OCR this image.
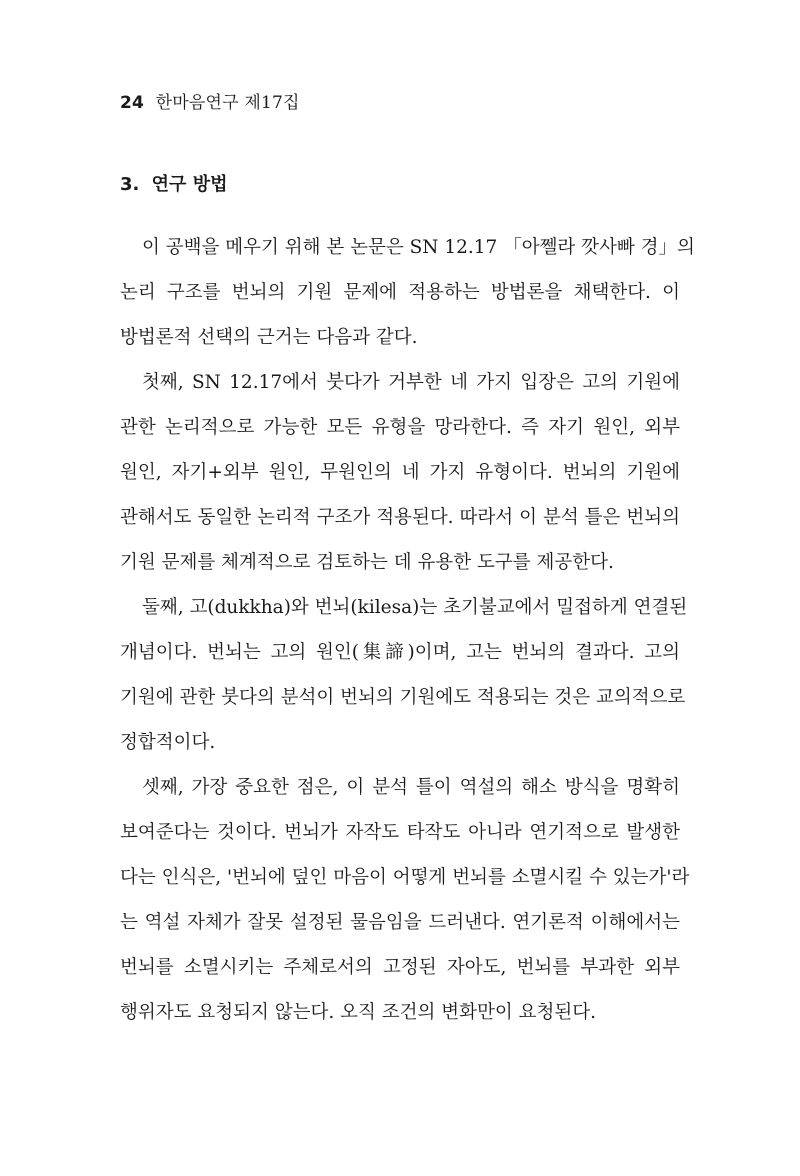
24 한마음연구 제17집
3. 연구 방법
이 공백을 메우기 위해 본 논문은 SN 12.17 「아쩰라 깟사빠 경」의
논리 구조를 번뇌의 기원 문제에 적용하는 방법론을 채택한다. 이
방법론적 선택의 근거는 다음과 같다.
첫째, SN 12.17에서 붓다가 거부한 네 가지 입장은 고의 기원에
관한 논리적으로 가능한 모든 유형을 망라한다. 즉 자기 원인, 외부
원인, 자기+외부 원인, 무원인의 네 가지 유형이다. 번뇌의 기원에
관해서도 동일한 논리적 구조가 적용된다. 따라서 이 분석 틀은 번뇌의
기원 문제를 체계적으로 검토하는 데 유용한 도구를 제공한다.
둘째, 고(dukkha)와 번뇌(kilesa)는 초기불교에서 밀접하게 연결된
개념이다. 번뇌는 고의 원인(集諦)이며, 고는 번뇌의 결과다. 고의
기원에 관한 붓다의 분석이 번뇌의 기원에도 적용되는 것은 교의적으로
정합적이다.
셋째, 가장 중요한 점은, 이 분석 틀이 역설의 해소 방식을 명확히
보여준다는 것이다. 번뇌가 자작도 타작도 아니라 연기적으로 발생한
다는 인식은, '번뇌에 덮인 마음이 어떻게 번뇌를 소멸시킬 수 있는가'라
는 역설 자체가 잘못 설정된 물음임을 드러낸다. 연기론적 이해에서는
번뇌를 소멸시키는 주체로서의 고정된 자아도, 번뇌를 부과한 외부
행위자도 요청되지 않는다. 오직 조건의 변화만이 요청된다.
